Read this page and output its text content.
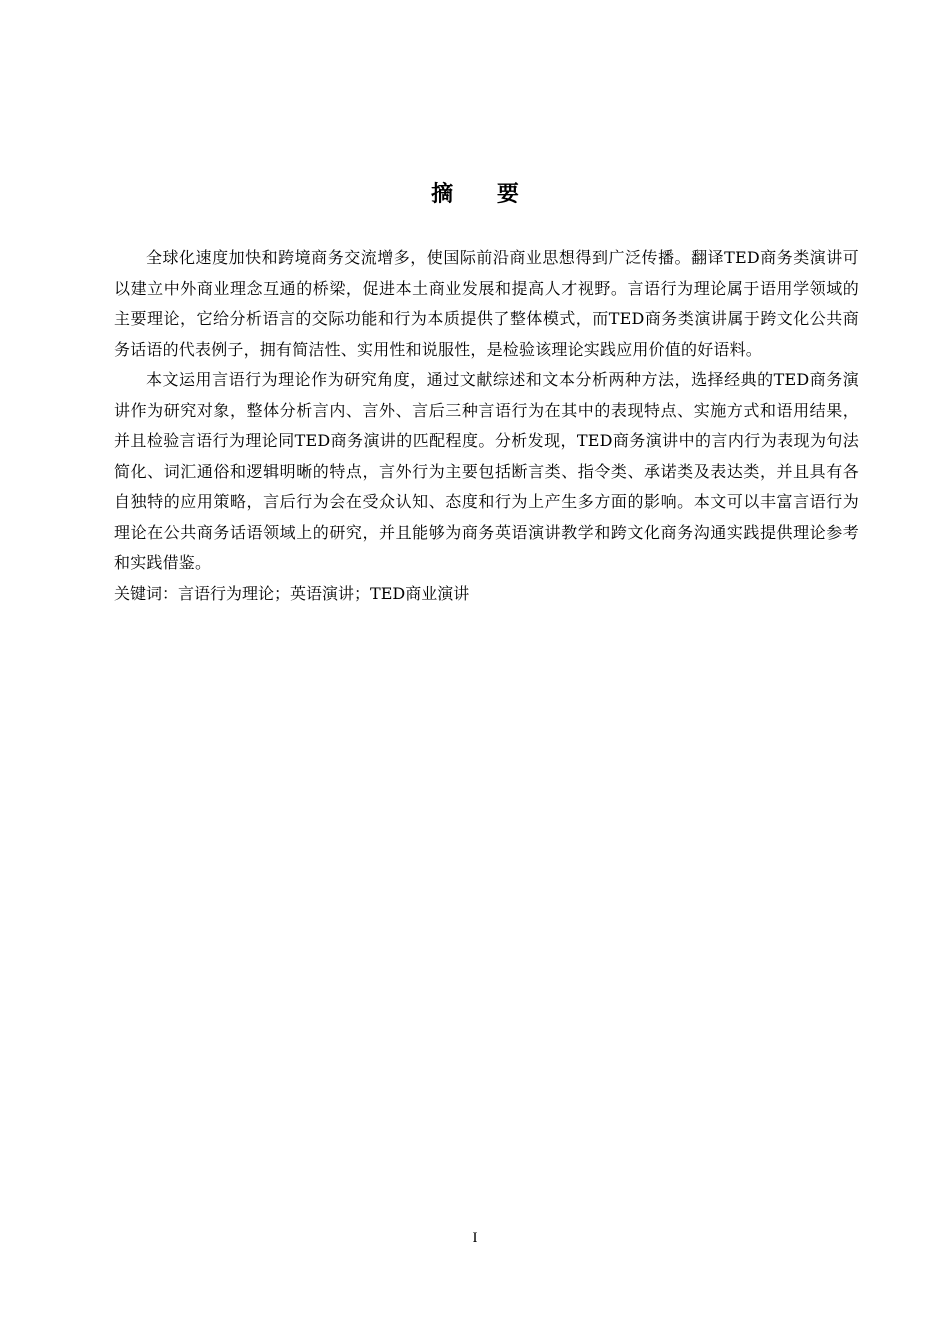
摘 要

全球化速度加快和跨境商务交流增多，使国际前沿商业思想得到广泛传播。翻译TED商务类演讲可以建立中外商业理念互通的桥梁，促进本土商业发展和提高人才视野。言语行为理论属于语用学领域的主要理论，它给分析语言的交际功能和行为本质提供了整体模式，而TED商务类演讲属于跨文化公共商务话语的代表例子，拥有简洁性、实用性和说服性，是检验该理论实践应用价值的好语料。

本文运用言语行为理论作为研究角度，通过文献综述和文本分析两种方法，选择经典的TED商务演讲作为研究对象，整体分析言内、言外、言后三种言语行为在其中的表现特点、实施方式和语用结果，并且检验言语行为理论同TED商务演讲的匹配程度。分析发现，TED商务演讲中的言内行为表现为句法简化、词汇通俗和逻辑明晰的特点，言外行为主要包括断言类、指令类、承诺类及表达类，并且具有各自独特的应用策略，言后行为会在受众认知、态度和行为上产生多方面的影响。本文可以丰富言语行为理论在公共商务话语领域上的研究，并且能够为商务英语演讲教学和跨文化商务沟通实践提供理论参考和实践借鉴。

关键词：言语行为理论；英语演讲；TED商业演讲

I
